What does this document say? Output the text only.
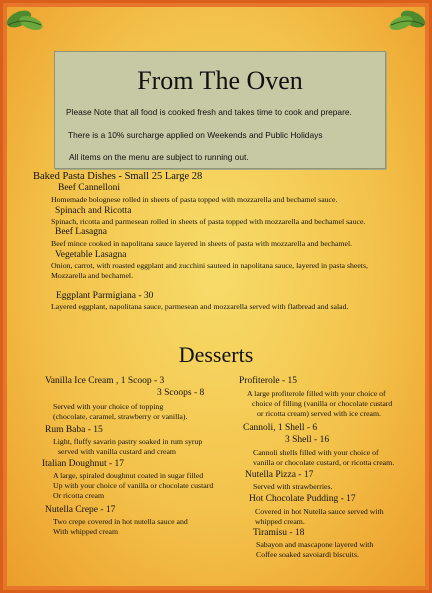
From The Oven
Please Note that all food is cooked fresh and takes time to cook and prepare.
There is a 10% surcharge applied on Weekends and Public Holidays
All items on the menu are subject to running out.
Baked Pasta Dishes - Small 25 Large 28
Beef Cannelloni
Homemade bolognese rolled in sheets of pasta topped with mozzarella and bechamel sauce.
Spinach and Ricotta
Spinach, ricotta and parmesean rolled in sheets of pasta topped with mozzarella and bechamel sauce.
Beef Lasagna
Beef mince cooked in napolitana sauce layered in sheets of pasta with mozzarella and bechamel.
Vegetable Lasagna
Onion, carrot, with roasted eggplant and zucchini sauteed in napolitana sauce, layered in pasta sheets,
Mozzarella and bechamel.
Eggplant Parmigiana - 30
Layered eggplant, napolitana sauce, parmesean and mozzarella served with flatbread and salad.
Desserts
Vanilla Ice Cream , 1 Scoop - 3
3 Scoops - 8
Served with your choice of topping
(chocolate, caramel, strawberry or vanilla).
Rum Baba - 15
Light, fluffy savarin pastry soaked in rum syrup
served with vanilla custard and cream
Italian Doughnut - 17
A large, spiraled doughnut coated in sugar filled
Up with your choice of vanilla or chocolate custard
Or ricotta cream
Nutella Crepe - 17
Two crepe covered in hot nutella sauce and
With whipped cream
Profiterole - 15
A large profiterole filled with your choice of
choice of filling (vanilla or chocolate custard
or ricotta cream) served with ice cream.
Cannoli, 1 Shell - 6
3 Shell - 16
Cannoli shells filled with your choice of
vanilla or chocolate custard, or ricotta cream.
Nutella Pizza - 17
Served with strawberries.
Hot Chocolate Pudding - 17
Covered in hot Nutella sauce served with
whipped cream.
Tiramisu - 18
Sabayon and mascapone layered with
Coffee soaked savoiardi biscuits.
